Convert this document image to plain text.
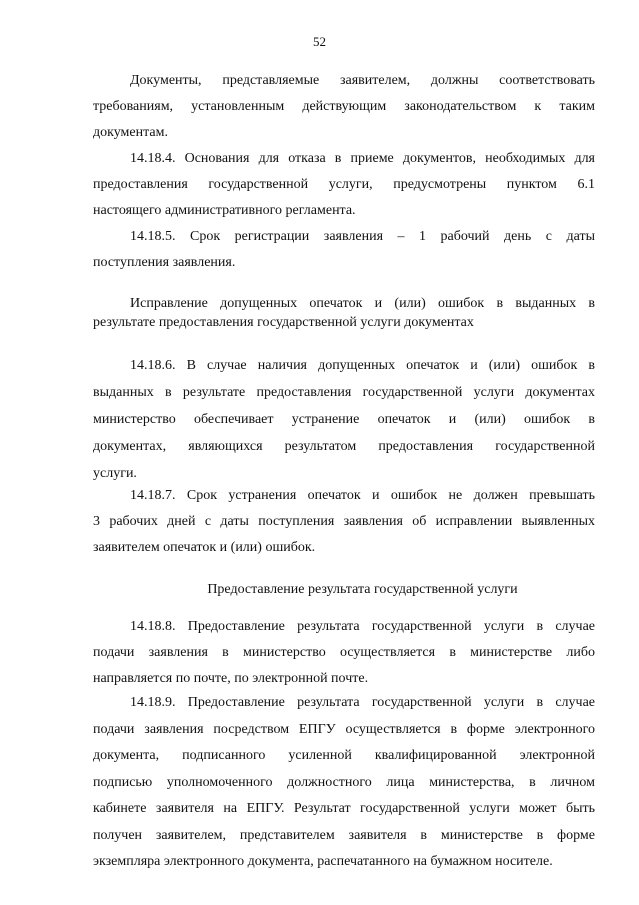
52
Документы, представляемые заявителем, должны соответствовать
требованиям, установленным действующим законодательством к таким
документам.
14.18.4. Основания для отказа в приеме документов, необходимых для
предоставления государственной услуги, предусмотрены пунктом 6.1
настоящего административного регламента.
14.18.5. Срок регистрации заявления – 1 рабочий день с даты
поступления заявления.
Исправление допущенных опечаток и (или) ошибок в выданных в
результате предоставления государственной услуги документах
14.18.6. В случае наличия допущенных опечаток и (или) ошибок в
выданных в результате предоставления государственной услуги документах
министерство обеспечивает устранение опечаток и (или) ошибок в
документах, являющихся результатом предоставления государственной
услуги.
14.18.7. Срок устранения опечаток и ошибок не должен превышать
3 рабочих дней с даты поступления заявления об исправлении выявленных
заявителем опечаток и (или) ошибок.
Предоставление результата государственной услуги
14.18.8. Предоставление результата государственной услуги в случае
подачи заявления в министерство осуществляется в министерстве либо
направляется по почте, по электронной почте.
14.18.9. Предоставление результата государственной услуги в случае
подачи заявления посредством ЕПГУ осуществляется в форме электронного
документа, подписанного усиленной квалифицированной электронной
подписью уполномоченного должностного лица министерства, в личном
кабинете заявителя на ЕПГУ. Результат государственной услуги может быть
получен заявителем, представителем заявителя в министерстве в форме
экземпляра электронного документа, распечатанного на бумажном носителе.
